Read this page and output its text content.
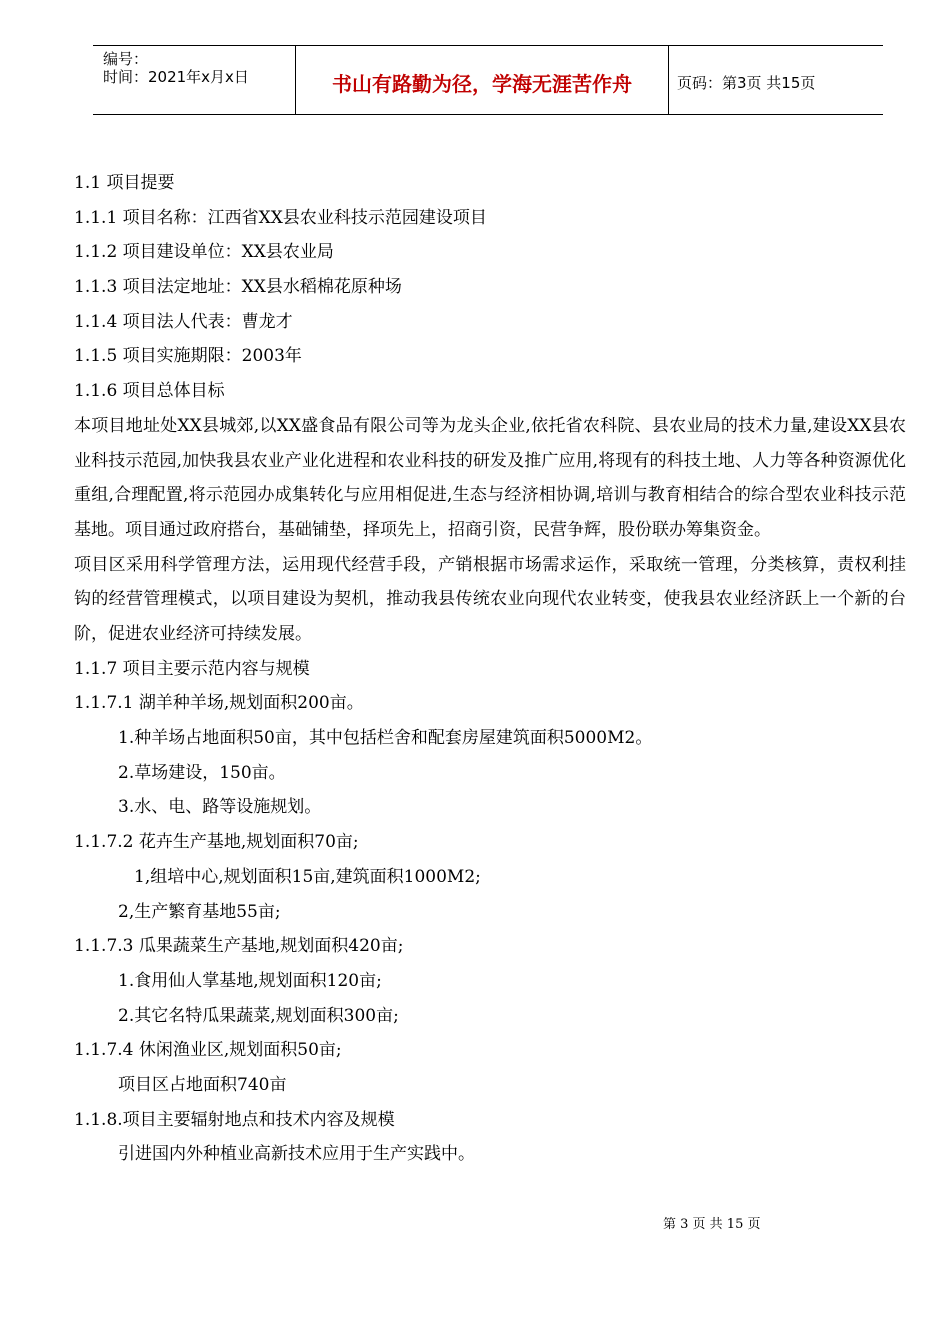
编号：
时间：2021年x月x日	书山有路勤为径，学海无涯苦作舟	页码：第3页 共15页
1.1 项目提要
1.1.1 项目名称：江西省XX县农业科技示范园建设项目
1.1.2 项目建设单位：XX县农业局
1.1.3 项目法定地址：XX县水稻棉花原种场
1.1.4 项目法人代表：曹龙才
1.1.5 项目实施期限：2003年
1.1.6 项目总体目标
本项目地址处XX县城郊,以XX盛食品有限公司等为龙头企业,依托省农科院、县农业局的技术力量,建设XX县农业科技示范园,加快我县农业产业化进程和农业科技的研发及推广应用,将现有的科技土地、人力等各种资源优化重组,合理配置,将示范园办成集转化与应用相促进,生态与经济相协调,培训与教育相结合的综合型农业科技示范基地。项目通过政府搭台，基础铺垫，择项先上，招商引资，民营争辉，股份联办筹集资金。
项目区采用科学管理方法，运用现代经营手段，产销根据市场需求运作，采取统一管理，分类核算，责权利挂钩的经营管理模式，以项目建设为契机，推动我县传统农业向现代农业转变，使我县农业经济跃上一个新的台阶，促进农业经济可持续发展。
1.1.7 项目主要示范内容与规模
1.1.7.1 湖羊种羊场,规划面积200亩。
1.种羊场占地面积50亩，其中包括栏舍和配套房屋建筑面积5000M2。
2.草场建设，150亩。
3.水、电、路等设施规划。
1.1.7.2 花卉生产基地,规划面积70亩;
1,组培中心,规划面积15亩,建筑面积1000M2;
2,生产繁育基地55亩;
1.1.7.3 瓜果蔬菜生产基地,规划面积420亩;
1.食用仙人掌基地,规划面积120亩;
2.其它名特瓜果蔬菜,规划面积300亩;
1.1.7.4 休闲渔业区,规划面积50亩;
项目区占地面积740亩
1.1.8.项目主要辐射地点和技术内容及规模
引进国内外种植业高新技术应用于生产实践中。
第 3 页 共 15 页
